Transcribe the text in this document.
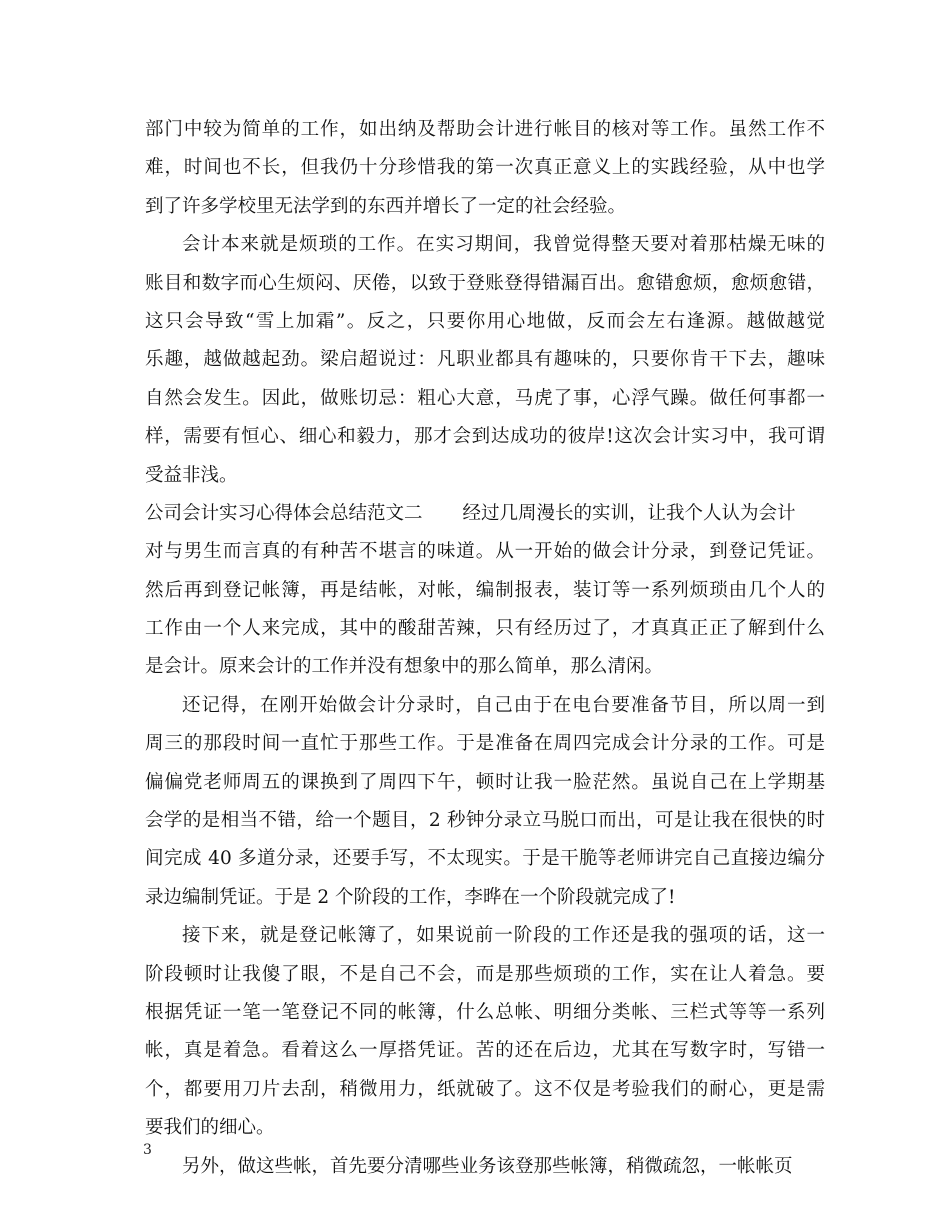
部门中较为简单的工作，如出纳及帮助会计进行帐目的核对等工作。虽然工作不
难，时间也不长，但我仍十分珍惜我的第一次真正意义上的实践经验，从中也学
到了许多学校里无法学到的东西并增长了一定的社会经验。
会计本来就是烦琐的工作。在实习期间，我曾觉得整天要对着那枯燥无味的
账目和数字而心生烦闷、厌倦，以致于登账登得错漏百出。愈错愈烦，愈烦愈错，
这只会导致“雪上加霜”。反之，只要你用心地做，反而会左右逢源。越做越觉
乐趣，越做越起劲。梁启超说过：凡职业都具有趣味的，只要你肯干下去，趣味
自然会发生。因此，做账切忌：粗心大意，马虎了事，心浮气躁。做任何事都一
样，需要有恒心、细心和毅力，那才会到达成功的彼岸!这次会计实习中，我可谓
受益非浅。
公司会计实习心得体会总结范文二 经过几周漫长的实训，让我个人认为会计
对与男生而言真的有种苦不堪言的味道。从一开始的做会计分录，到登记凭证。
然后再到登记帐簿，再是结帐，对帐，编制报表，装订等一系列烦琐由几个人的
工作由一个人来完成，其中的酸甜苦辣，只有经历过了，才真真正正了解到什么
是会计。原来会计的工作并没有想象中的那么简单，那么清闲。
还记得，在刚开始做会计分录时，自己由于在电台要准备节目，所以周一到
周三的那段时间一直忙于那些工作。于是准备在周四完成会计分录的工作。可是
偏偏党老师周五的课换到了周四下午，顿时让我一脸茫然。虽说自己在上学期基
会学的是相当不错，给一个题目，2 秒钟分录立马脱口而出，可是让我在很快的时
间完成 40 多道分录，还要手写，不太现实。于是干脆等老师讲完自己直接边编分
录边编制凭证。于是 2 个阶段的工作，李晔在一个阶段就完成了!
接下来，就是登记帐簿了，如果说前一阶段的工作还是我的强项的话，这一
阶段顿时让我傻了眼，不是自己不会，而是那些烦琐的工作，实在让人着急。要
根据凭证一笔一笔登记不同的帐簿，什么总帐、明细分类帐、三栏式等等一系列
帐，真是着急。看着这么一厚搭凭证。苦的还在后边，尤其在写数字时，写错一
个，都要用刀片去刮，稍微用力，纸就破了。这不仅是考验我们的耐心，更是需
要我们的细心。
另外，做这些帐，首先要分清哪些业务该登那些帐簿，稍微疏忽，一帐帐页
3
